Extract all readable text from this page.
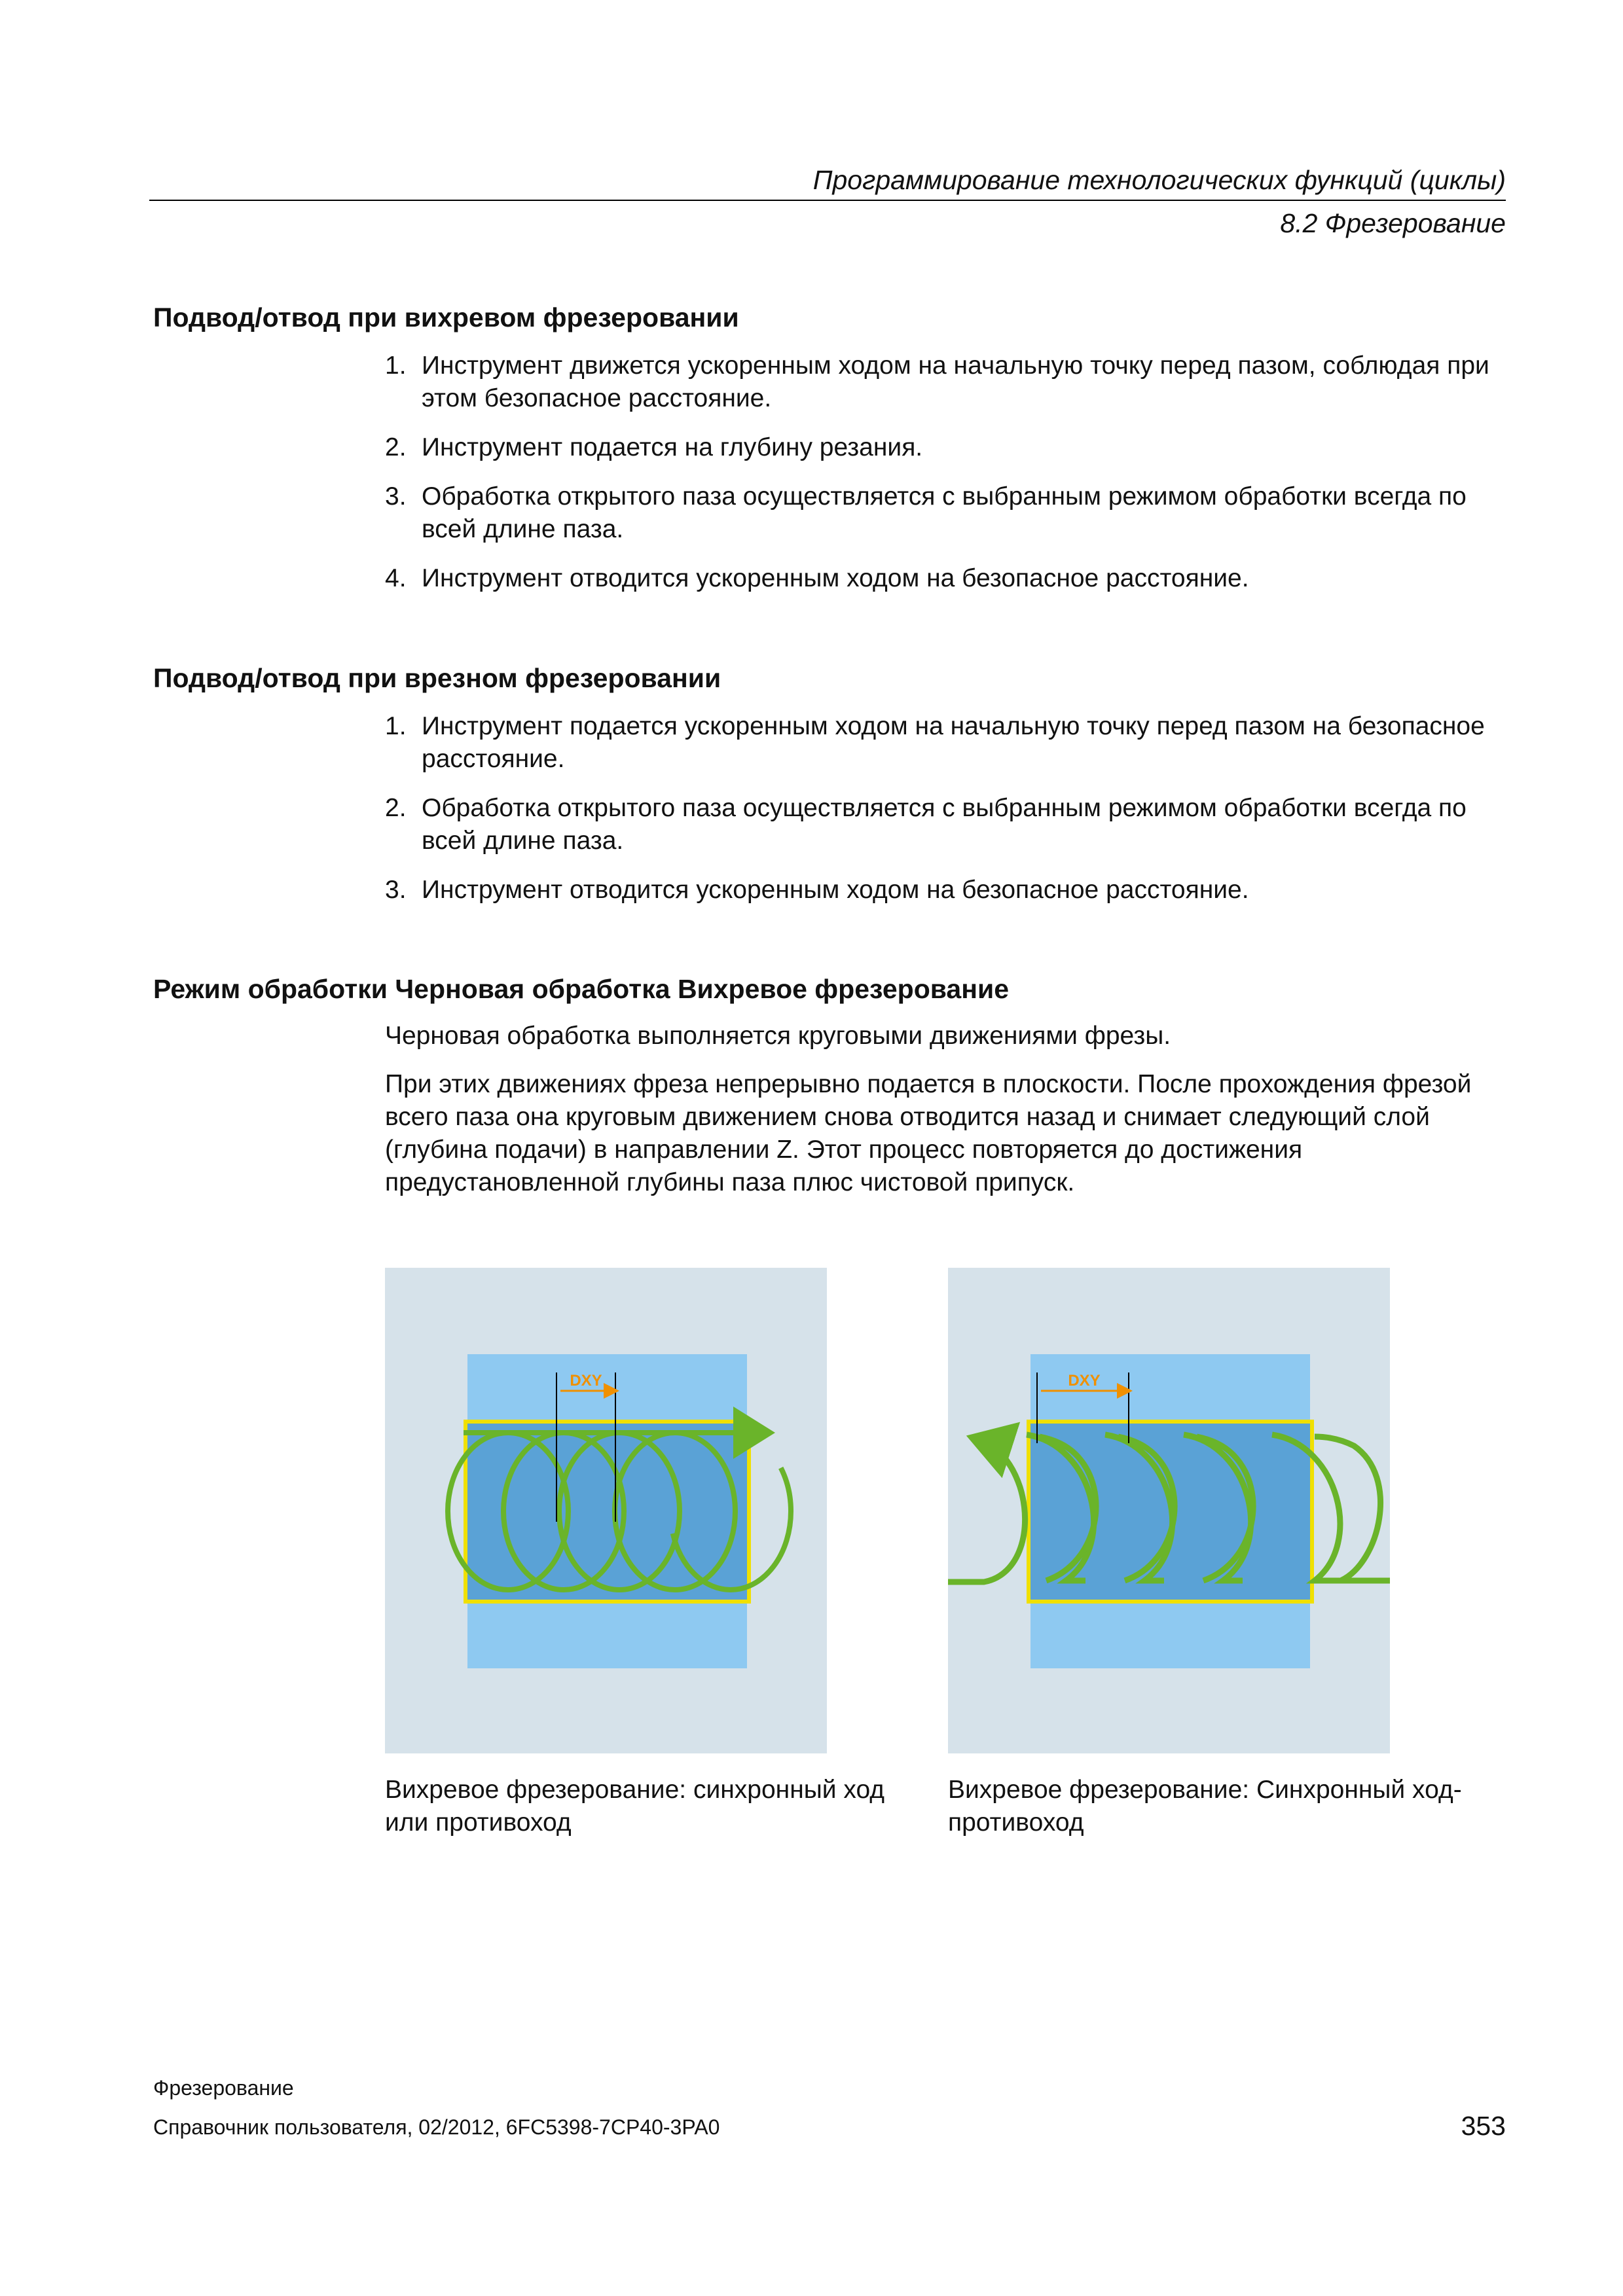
Программирование технологических функций (циклы)
8.2 Фрезерование
Подвод/отвод при вихревом фрезеровании
1. Инструмент движется ускоренным ходом на начальную точку перед пазом, соблюдая при этом безопасное расстояние.
2. Инструмент подается на глубину резания.
3. Обработка открытого паза осуществляется с выбранным режимом обработки всегда по всей длине паза.
4. Инструмент отводится ускоренным ходом на безопасное расстояние.
Подвод/отвод при врезном фрезеровании
1. Инструмент подается ускоренным ходом на начальную точку перед пазом на безопасное расстояние.
2. Обработка открытого паза осуществляется с выбранным режимом обработки всегда по всей длине паза.
3. Инструмент отводится ускоренным ходом на безопасное расстояние.
Режим обработки Черновая обработка Вихревое фрезерование

Черновая обработка выполняется круговыми движениями фрезы.

При этих движениях фреза непрерывно подается в плоскости. После прохождения фрезой всего паза она круговым движением снова отводится назад и снимает следующий слой (глубина подачи) в направлении Z. Этот процесс повторяется до достижения предустановленной глубины паза плюс чистовой припуск.

DXY
Вихревое фрезерование: синхронный ход или противоход
DXY
Вихревое фрезерование: Синхронный ход-противоход
Фрезерование
Справочник пользователя, 02/2012, 6FC5398-7CP40-3PA0	353
